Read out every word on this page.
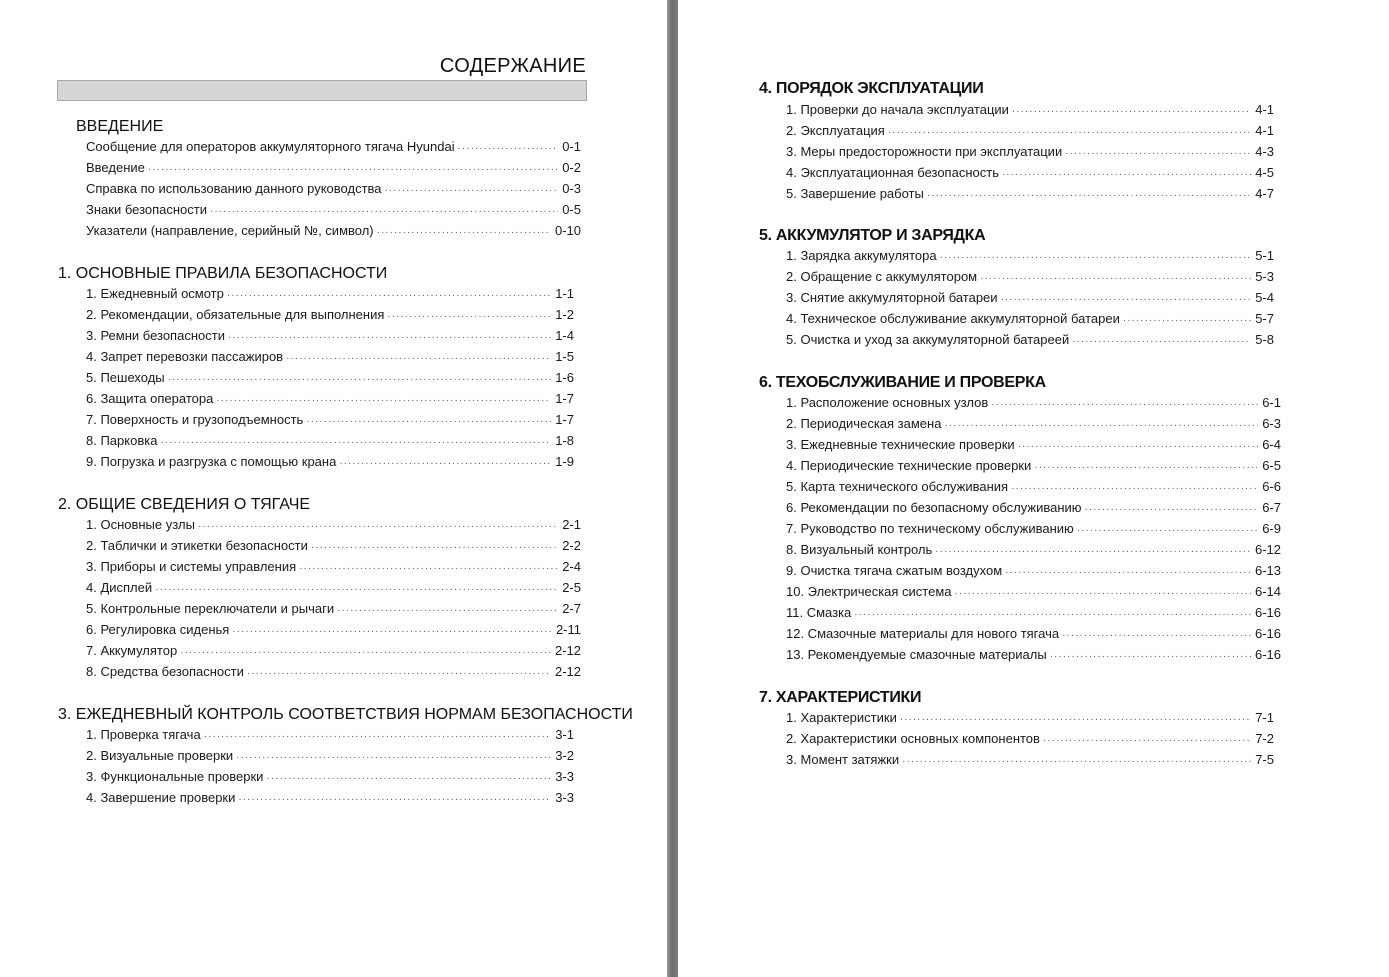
СОДЕРЖАНИЕ
ВВЕДЕНИЕ
Сообщение для операторов аккумуляторного тягача Hyundai ·····	0-1
Введение ·····	0-2
Справка по использованию данного руководства ·····	0-3
Знаки безопасности ·····	0-5
Указатели (направление, серийный №, символ) ·····	0-10
1. ОСНОВНЫЕ ПРАВИЛА БЕЗОПАСНОСТИ
1. Ежедневный осмотр ·····	1-1
2. Рекомендации, обязательные для выполнения ·····	1-2
3. Ремни безопасности ·····	1-4
4. Запрет перевозки пассажиров ·····	1-5
5. Пешеходы ·····	1-6
6. Защита оператора ·····	1-7
7. Поверхность и грузоподъемность ·····	1-7
8. Парковка ·····	1-8
9. Погрузка и разгрузка с помощью крана ·····	1-9
2. ОБЩИЕ СВЕДЕНИЯ О ТЯГАЧЕ
1. Основные узлы ·····	2-1
2. Таблички и этикетки безопасности ·····	2-2
3. Приборы и системы управления ·····	2-4
4. Дисплей ·····	2-5
5. Контрольные переключатели и рычаги ·····	2-7
6. Регулировка сиденья ·····	2-11
7. Аккумулятор ·····	2-12
8. Средства безопасности ·····	2-12
3. ЕЖЕДНЕВНЫЙ КОНТРОЛЬ СООТВЕТСТВИЯ НОРМАМ БЕЗОПАСНОСТИ
1. Проверка тягача ·····	3-1
2. Визуальные проверки ·····	3-2
3. Функциональные проверки ·····	3-3
4. Завершение проверки ·····	3-3
4. ПОРЯДОК ЭКСПЛУАТАЦИИ
1. Проверки до начала эксплуатации ·····	4-1
2. Эксплуатация ·····	4-1
3. Меры предосторожности при эксплуатации ·····	4-3
4. Эксплуатационная безопасность ·····	4-5
5. Завершение работы ·····	4-7
5. АККУМУЛЯТОР И ЗАРЯДКА
1. Зарядка аккумулятора ·····	5-1
2. Обращение с аккумулятором ·····	5-3
3. Снятие аккумуляторной батареи ·····	5-4
4. Техническое обслуживание аккумуляторной батареи ·····	5-7
5. Очистка и уход за аккумуляторной батареей ·····	5-8
6. ТЕХОБСЛУЖИВАНИЕ И ПРОВЕРКА
1. Расположение основных узлов ·····	6-1
2. Периодическая замена ·····	6-3
3. Ежедневные технические проверки ·····	6-4
4. Периодические технические проверки ·····	6-5
5. Карта технического обслуживания ·····	6-6
6. Рекомендации по безопасному обслуживанию ·····	6-7
7. Руководство по техническому обслуживанию ·····	6-9
8. Визуальный контроль ·····	6-12
9. Очистка тягача сжатым воздухом ·····	6-13
10. Электрическая система ·····	6-14
11. Смазка ·····	6-16
12. Смазочные материалы для нового тягача ·····	6-16
13. Рекомендуемые смазочные материалы ·····	6-16
7. ХАРАКТЕРИСТИКИ
1. Характеристики ·····	7-1
2. Характеристики основных компонентов ·····	7-2
3. Момент затяжки ·····	7-5
